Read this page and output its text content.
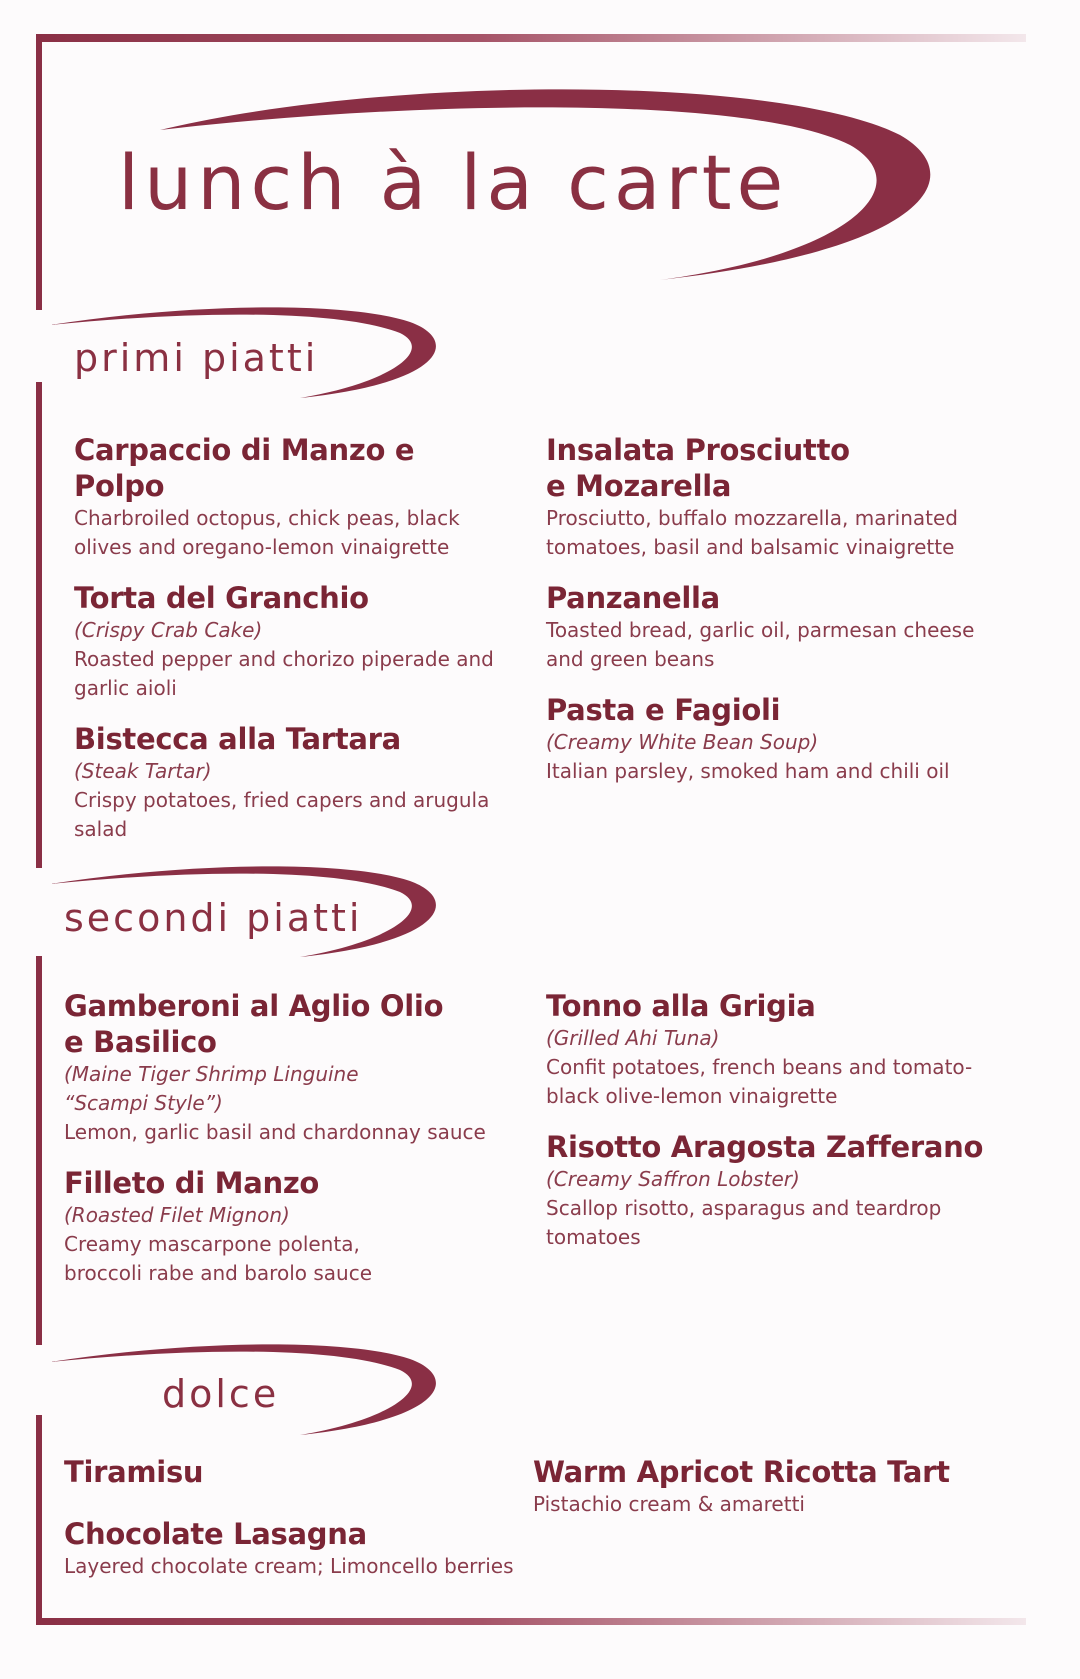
lunch à la carte
primi piatti
Carpaccio di Manzo e Polpo
Charbroiled octopus, chick peas, black olives and oregano-lemon vinaigrette
Torta del Granchio
(Crispy Crab Cake)
Roasted pepper and chorizo piperade and garlic aioli
Bistecca alla Tartara
(Steak Tartar)
Crispy potatoes, fried capers and arugula salad
Insalata Prosciutto e Mozarella
Prosciutto, buffalo mozzarella, marinated tomatoes, basil and balsamic vinaigrette
Panzanella
Toasted bread, garlic oil, parmesan cheese and green beans
Pasta e Fagioli
(Creamy White Bean Soup)
Italian parsley, smoked ham and chili oil
secondi piatti
Gamberoni al Aglio Olio e Basilico
(Maine Tiger Shrimp Linguine “Scampi Style”)
Lemon, garlic basil and chardonnay sauce
Filleto di Manzo
(Roasted Filet Mignon)
Creamy mascarpone polenta, broccoli rabe and barolo sauce
Tonno alla Grigia
(Grilled Ahi Tuna)
Confit potatoes, french beans and tomato-black olive-lemon vinaigrette
Risotto Aragosta Zafferano
(Creamy Saffron Lobster)
Scallop risotto, asparagus and teardrop tomatoes
dolce
Tiramisu
Chocolate Lasagna
Layered chocolate cream; Limoncello berries
Warm Apricot Ricotta Tart
Pistachio cream & amaretti
